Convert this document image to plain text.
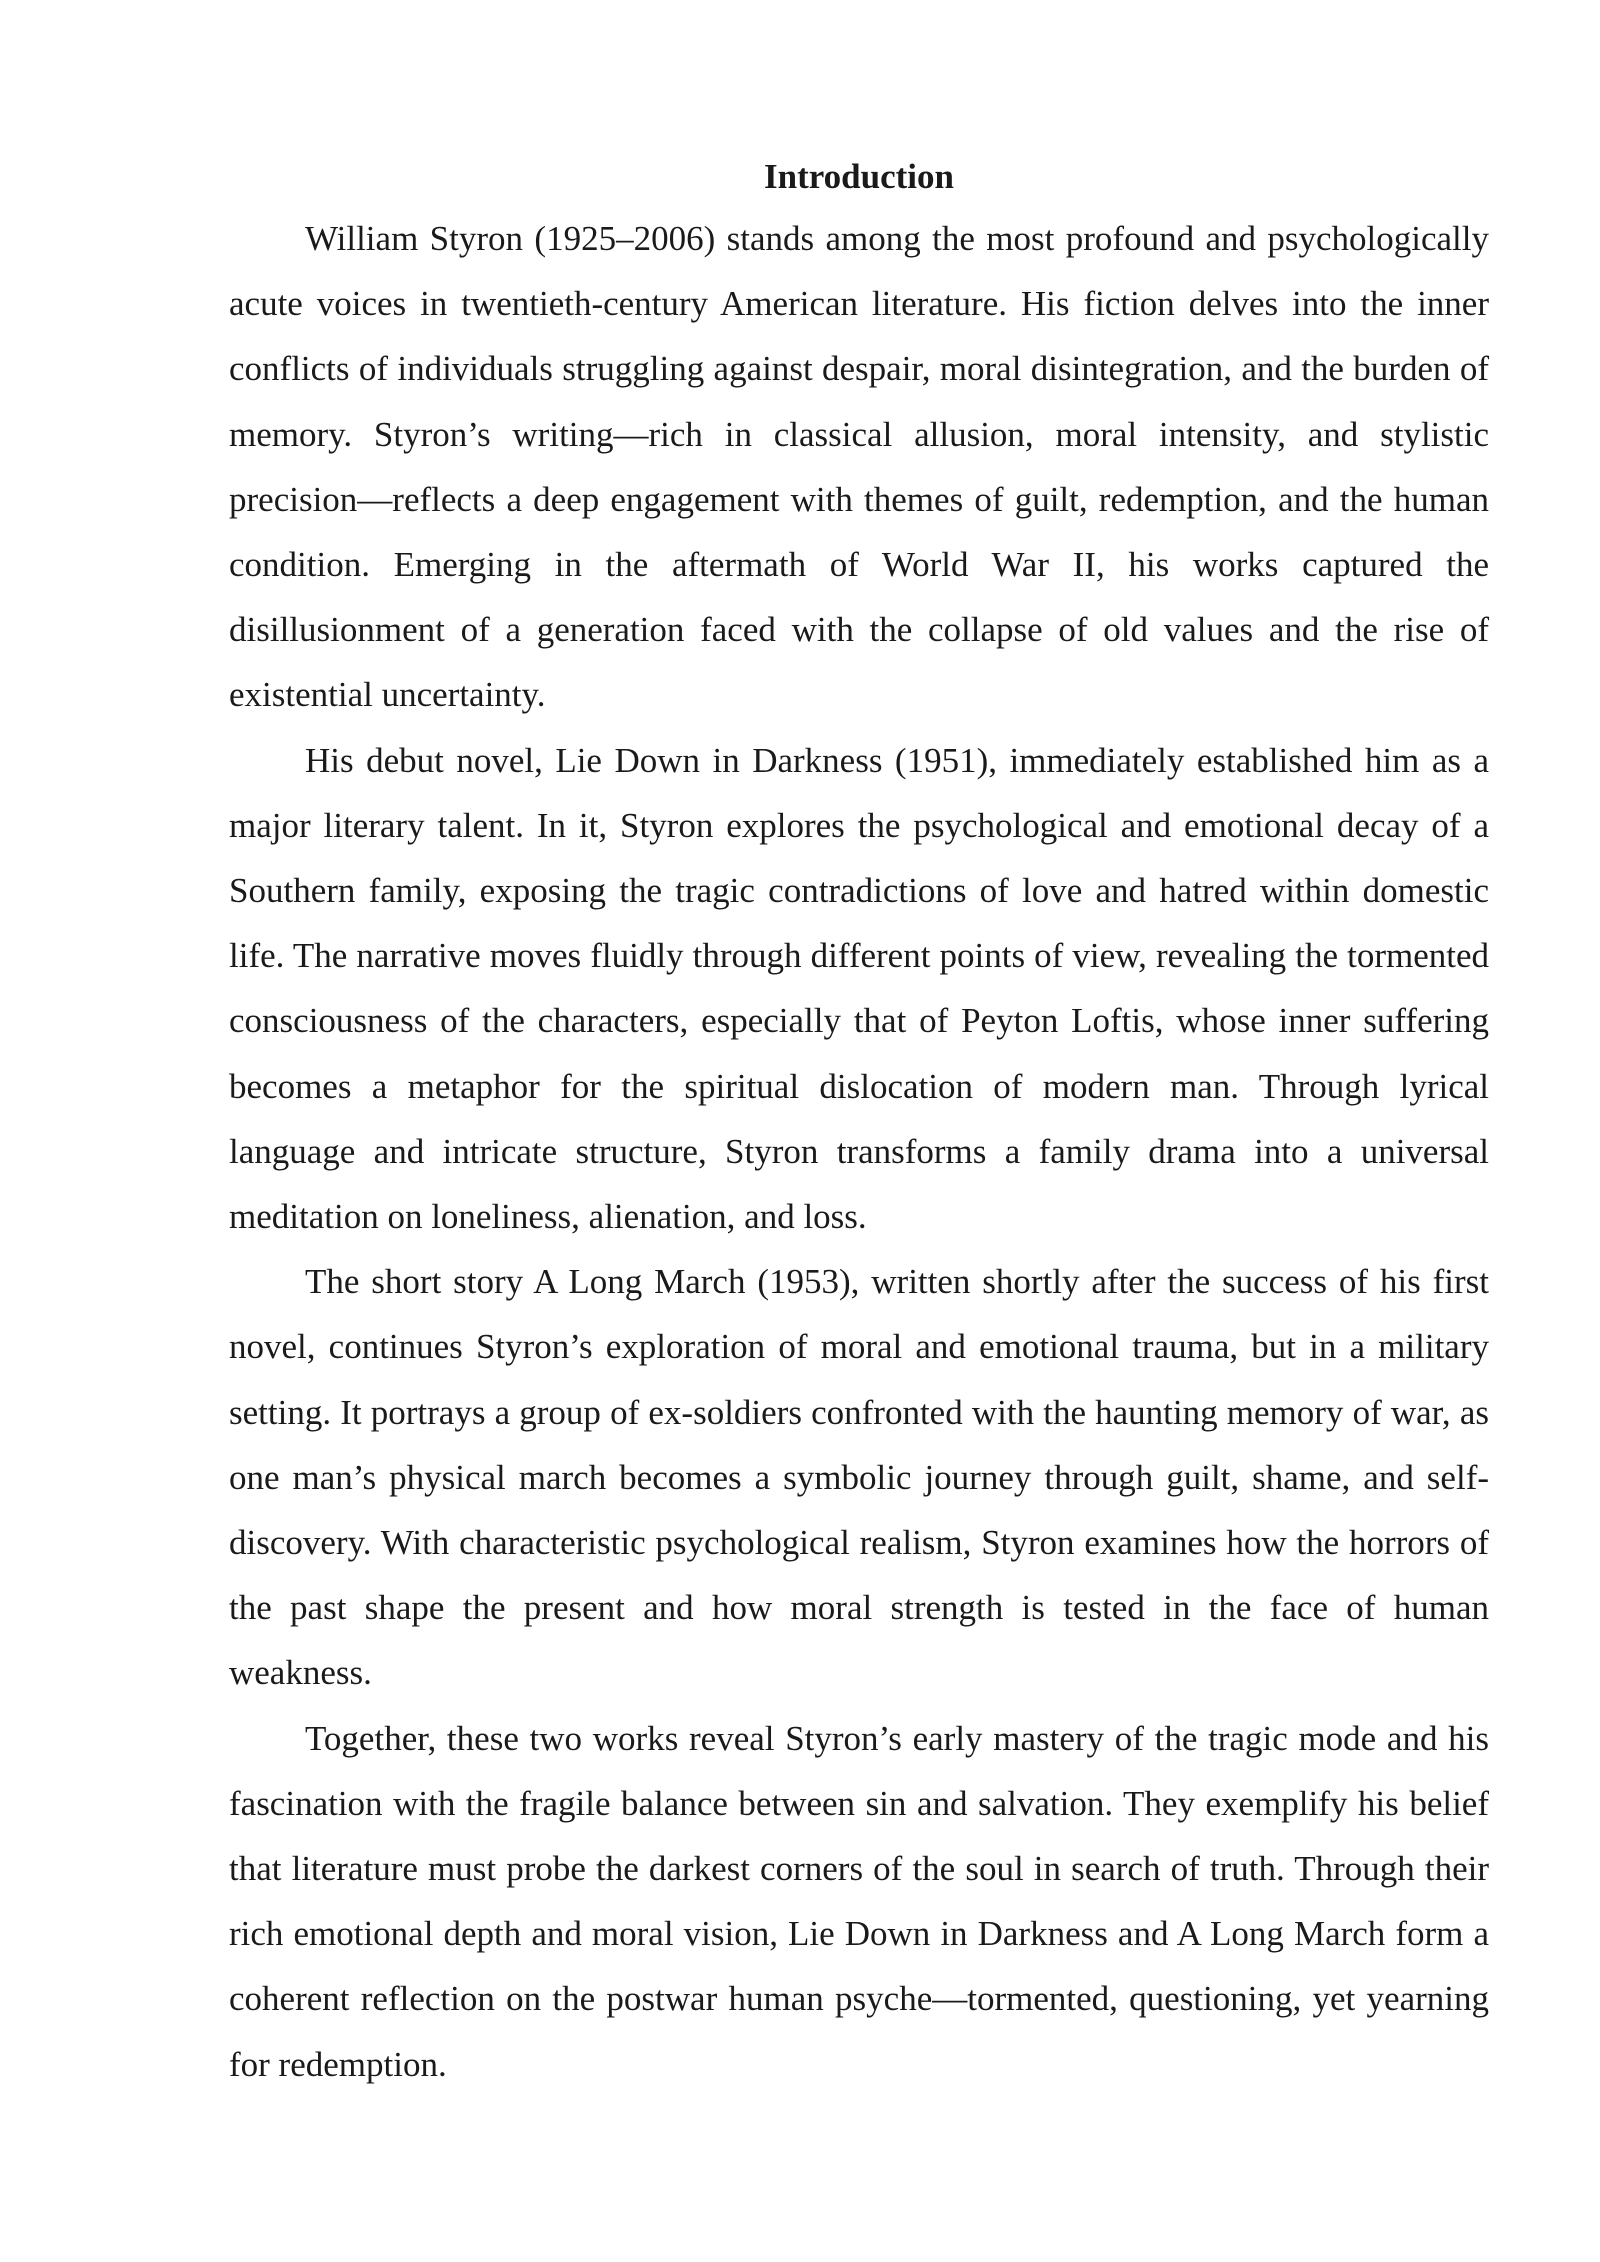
Introduction

William Styron (1925–2006) stands among the most profound and psychologically acute voices in twentieth-century American literature. His fiction delves into the inner conflicts of individuals struggling against despair, moral disintegration, and the burden of memory. Styron’s writing—rich in classical allusion, moral intensity, and stylistic precision—reflects a deep engagement with themes of guilt, redemption, and the human condition. Emerging in the aftermath of World War II, his works captured the disillusionment of a generation faced with the collapse of old values and the rise of existential uncertainty.

His debut novel, Lie Down in Darkness (1951), immediately established him as a major literary talent. In it, Styron explores the psychological and emotional decay of a Southern family, exposing the tragic contradictions of love and hatred within domestic life. The narrative moves fluidly through different points of view, revealing the tormented consciousness of the characters, especially that of Peyton Loftis, whose inner suffering becomes a metaphor for the spiritual dislocation of modern man. Through lyrical language and intricate structure, Styron transforms a family drama into a universal meditation on loneliness, alienation, and loss.

The short story A Long March (1953), written shortly after the success of his first novel, continues Styron’s exploration of moral and emotional trauma, but in a military setting. It portrays a group of ex-soldiers confronted with the haunting memory of war, as one man’s physical march becomes a symbolic journey through guilt, shame, and self-discovery. With characteristic psychological realism, Styron examines how the horrors of the past shape the present and how moral strength is tested in the face of human weakness.

Together, these two works reveal Styron’s early mastery of the tragic mode and his fascination with the fragile balance between sin and salvation. They exemplify his belief that literature must probe the darkest corners of the soul in search of truth. Through their rich emotional depth and moral vision, Lie Down in Darkness and A Long March form a coherent reflection on the postwar human psyche—tormented, questioning, yet yearning for redemption.
